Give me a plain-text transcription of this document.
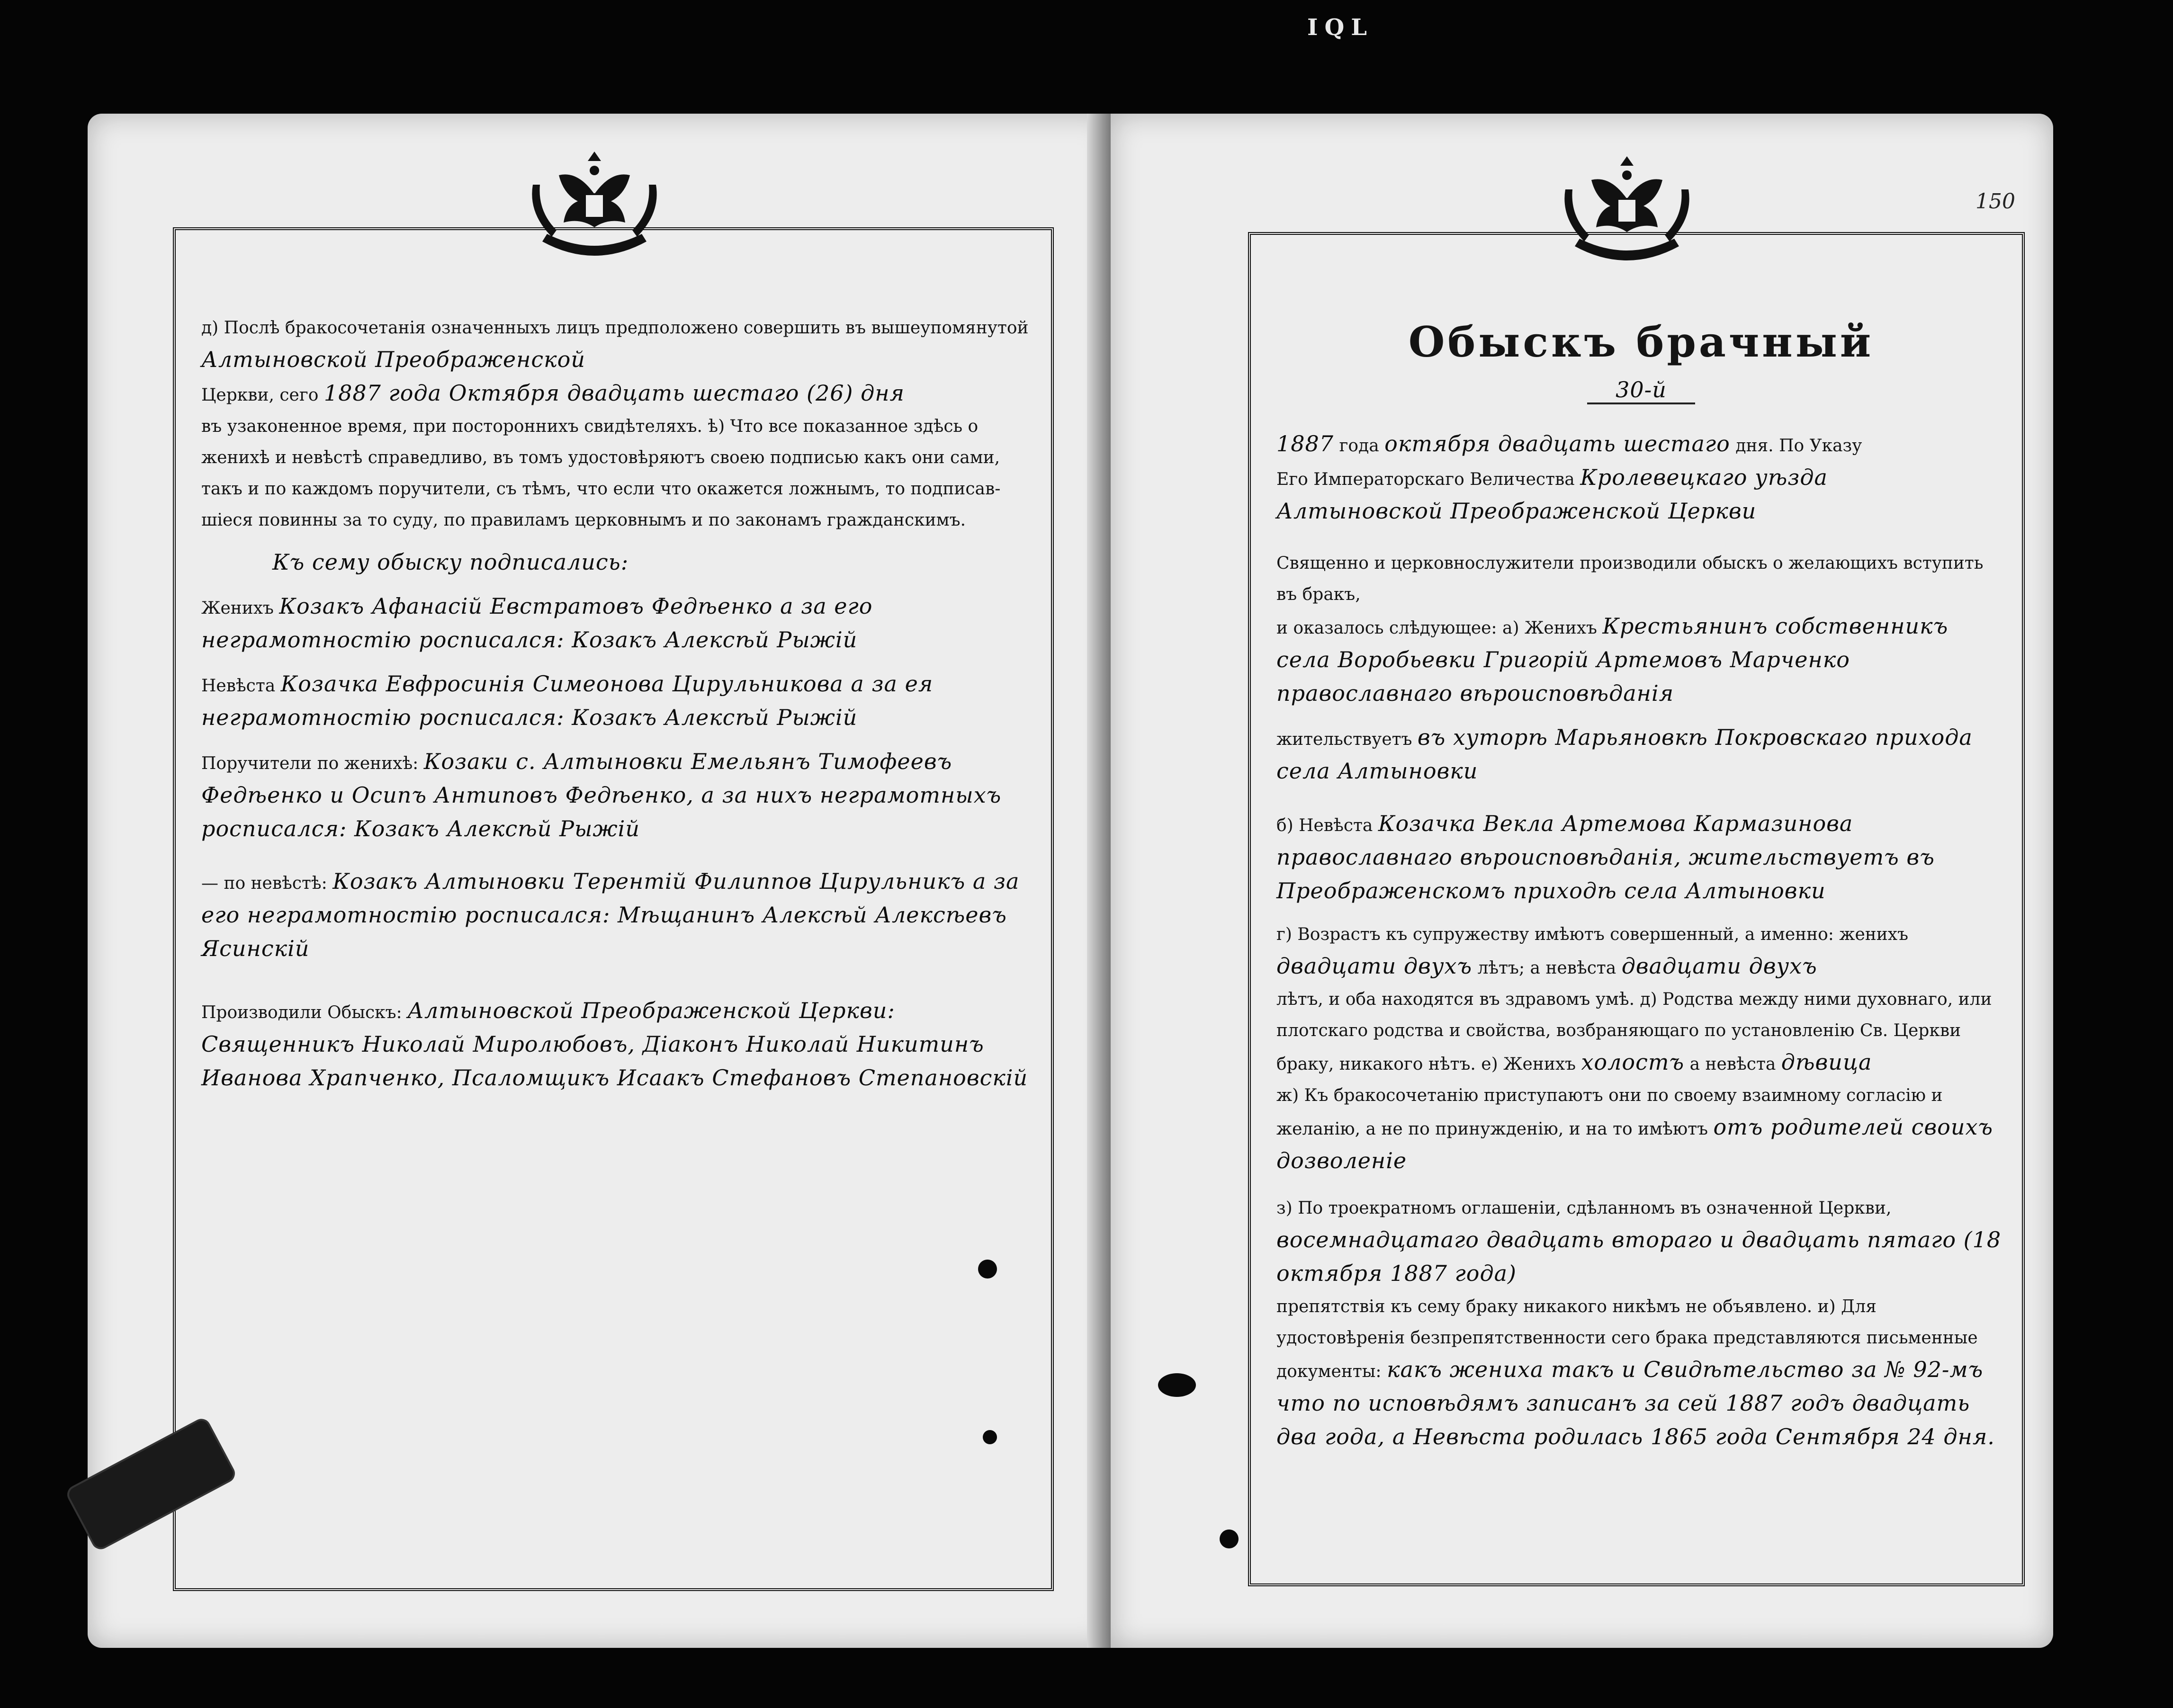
IQL

д) Послѣ бракосочетанія означенныхъ лицъ предположено совершить въ вышеупомянутой Алтыновской Преображенской
Церкви, сего 1887 года Октября двадцать шестаго (26) дня
въ узаконенное время, при постороннихъ свидѣтеляхъ. ѣ) Что все показанное здѣсь о
женихѣ и невѣстѣ справедливо, въ томъ удостовѣряютъ своею подписью какъ они сами,
такъ и по каждомъ поручители, съ тѣмъ, что если что окажется ложнымъ, то подписав-
шіеся повинны за то суду, по правиламъ церковнымъ и по законамъ гражданскимъ.

Къ сему обыску подписались:

Женихъ Козакъ Афанасій Евстратовъ Федѣенко а за его неграмотностію росписался: Козакъ Алексѣй Рыжій

Невѣста Козачка Евфросинія Симеонова Цирульникова а за ея неграмотностію росписался: Козакъ Алексѣй Рыжій

Поручители по женихѣ: Козаки с. Алтыновки Емельянъ Тимофеевъ Федѣенко и Осипъ Антиповъ Федѣенко, а за нихъ неграмотныхъ росписался: Козакъ Алексѣй Рыжій

— по невѣстѣ: Козакъ Алтыновки Терентій Филиппов Цирульникъ а за его неграмотностію росписался: Мѣщанинъ Алексѣй Алексѣевъ Ясинскій

Производили Обыскъ: Алтыновской Преображенской Церкви: Священникъ Николай Миролюбовъ, Діаконъ Николай Никитинъ Иванова Храпченко, Псаломщикъ Исаакъ Стефановъ Степановскій

150
Обыскъ брачный
30-й

1887 года октября двадцать шестаго дня. По Указу
Его Императорскаго Величества Кролевецкаго уѣзда
Алтыновской Преображенской Церкви

Священно и церковнослужители производили обыскъ о желающихъ вступить въ бракъ,
и оказалось слѣдующее: а) Женихъ Крестьянинъ собственникъ села Воробьевки Григорій Артемовъ Марченко православнаго вѣроисповѣданія

жительствуетъ въ хуторѣ Марьяновкѣ Покровскаго прихода села Алтыновки

б) Невѣста Козачка Векла Артемова Кармазинова православнаго вѣроисповѣданія, жительствуетъ въ Преображенскомъ приходѣ села Алтыновки

г) Возрастъ къ супружеству имѣютъ совершенный, а именно: женихъ двадцати двухъ лѣтъ; а невѣста двадцати двухъ
лѣтъ, и оба находятся въ здравомъ умѣ. д) Родства между ними духовнаго, или плотскаго родства и свойства, возбраняющаго по установленію Св. Церкви браку, никакого нѣтъ. е) Женихъ холостъ а невѣста дѣвица
ж) Къ бракосочетанію приступаютъ они по своему взаимному согласію и желанію, а не по принужденію, и на то имѣютъ отъ родителей своихъ дозволеніе

з) По троекратномъ оглашеніи, сдѣланномъ въ означенной Церкви, восемнадцатаго двадцать втораго и двадцать пятаго (18 октября 1887 года)
препятствія къ сему браку никакого никѣмъ не объявлено. и) Для удостовѣренія безпрепятственности сего брака представляются письменные документы: какъ жениха такъ и Свидѣтельство за № 92-мъ что по исповѣдямъ записанъ за сей 1887 годъ двадцать два года, а Невѣста родилась 1865 года Сентября 24 дня.
